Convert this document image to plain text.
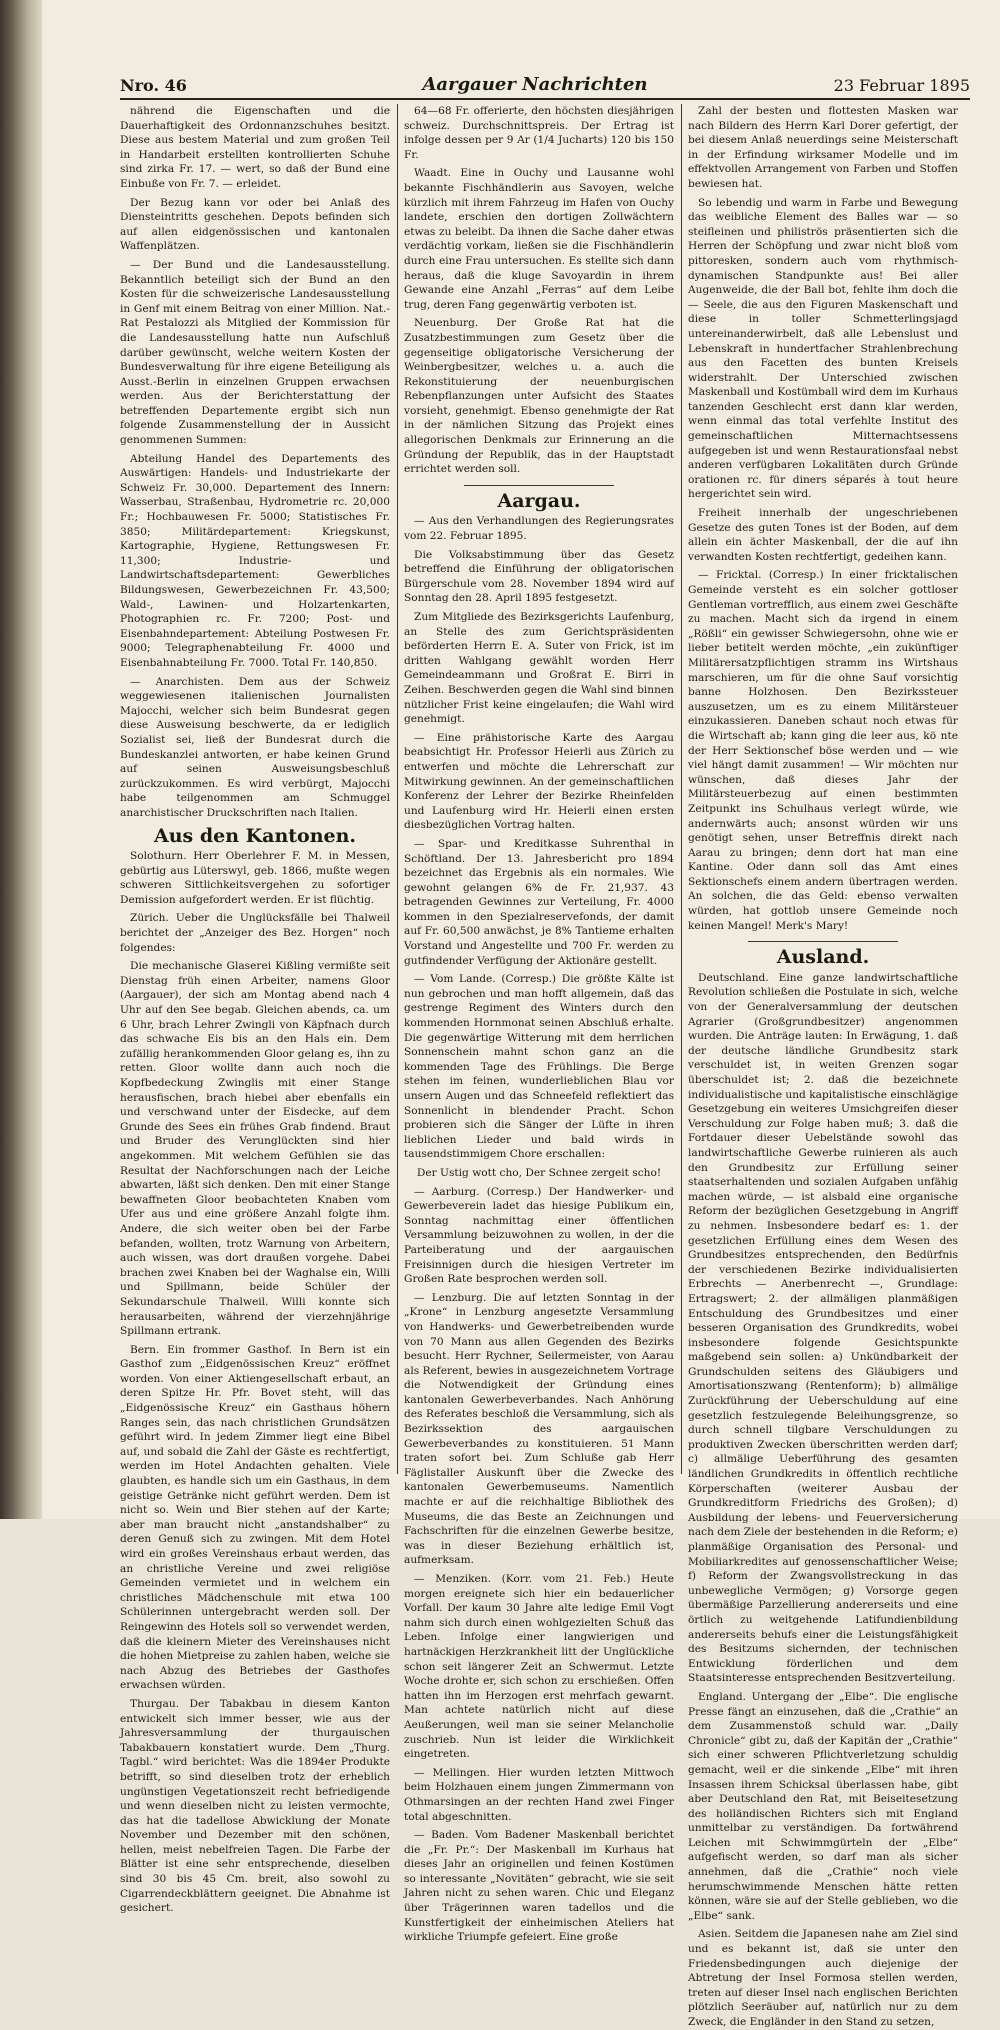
Nro. 46	Aargauer Nachrichten	23 Februar 1895

nährend die Eigenschaften und die Dauerhaftigkeit des Ordonnanzschuhes besitzt. Diese aus bestem Material und zum großen Teil in Handarbeit erstellten kontrollierten Schuhe sind zirka Fr. 17. — wert, so daß der Bund eine Einbuße von Fr. 7. — erleidet.

Der Bezug kann vor oder bei Anlaß des Diensteintritts geschehen. Depots befinden sich auf allen eidgenössischen und kantonalen Waffenplätzen.

— Der Bund und die Landesausstellung. Bekanntlich beteiligt sich der Bund an den Kosten für die schweizerische Landesausstellung in Genf mit einem Beitrag von einer Million. Nat.-Rat Pestalozzi als Mitglied der Kommission für die Landesausstellung hatte nun Aufschluß darüber gewünscht, welche weitern Kosten der Bundesverwaltung für ihre eigene Beteiligung als Ausst.-Berlin in einzelnen Gruppen erwachsen werden. Aus der Berichterstattung der betreffenden Departemente ergibt sich nun folgende Zusammenstellung der in Aussicht genommenen Summen:

Abteilung Handel des Departements des Auswärtigen: Handels- und Industriekarte der Schweiz Fr. 30,000. Departement des Innern: Wasserbau, Straßenbau, Hydrometrie rc. 20,000 Fr.; Hochbauwesen Fr. 5000; Statistisches Fr. 3850; Militärdepartement: Kriegskunst, Kartographie, Hygiene, Rettungswesen Fr. 11,300; Industrie- und Landwirtschaftsdepartement: Gewerbliches Bildungswesen, Gewerbezeichnen Fr. 43,500; Wald-, Lawinen- und Holzartenkarten, Photographien rc. Fr. 7200; Post- und Eisenbahndepartement: Abteilung Postwesen Fr. 9000; Telegraphenabteilung Fr. 4000 und Eisenbahnabteilung Fr. 7000. Total Fr. 140,850.

— Anarchisten. Dem aus der Schweiz weggewiesenen italienischen Journalisten Majocchi, welcher sich beim Bundesrat gegen diese Ausweisung beschwerte, da er lediglich Sozialist sei, ließ der Bundesrat durch die Bundeskanzlei antworten, er habe keinen Grund auf seinen Ausweisungsbeschluß zurückzukommen. Es wird verbürgt, Majocchi habe teilgenommen am Schmuggel anarchistischer Druckschriften nach Italien.

Aus den Kantonen.

Solothurn. Herr Oberlehrer F. M. in Messen, gebürtig aus Lüterswyl, geb. 1866, mußte wegen schweren Sittlichkeitsvergehen zu sofortiger Demission aufgefordert werden. Er ist flüchtig.

Zürich. Ueber die Unglücksfälle bei Thalweil berichtet der „Anzeiger des Bez. Horgen“ noch folgendes:

Die mechanische Glaserei Kißling vermißte seit Dienstag früh einen Arbeiter, namens Gloor (Aargauer), der sich am Montag abend nach 4 Uhr auf den See begab. Gleichen abends, ca. um 6 Uhr, brach Lehrer Zwingli von Käpfnach durch das schwache Eis bis an den Hals ein. Dem zufällig herankommenden Gloor gelang es, ihn zu retten. Gloor wollte dann auch noch die Kopfbedeckung Zwinglis mit einer Stange herausfischen, brach hiebei aber ebenfalls ein und verschwand unter der Eisdecke, auf dem Grunde des Sees ein frühes Grab findend. Braut und Bruder des Verunglückten sind hier angekommen. Mit welchem Gefühlen sie das Resultat der Nachforschungen nach der Leiche abwarten, läßt sich denken. Den mit einer Stange bewaffneten Gloor beobachteten Knaben vom Ufer aus und eine größere Anzahl folgte ihm. Andere, die sich weiter oben bei der Farbe befanden, wollten, trotz Warnung von Arbeitern, auch wissen, was dort draußen vorgehe. Dabei brachen zwei Knaben bei der Waghalse ein, Willi und Spillmann, beide Schüler der Sekundarschule Thalweil. Willi konnte sich herausarbeiten, während der vierzehnjährige Spillmann ertrank.

Bern. Ein frommer Gasthof. In Bern ist ein Gasthof zum „Eidgenössischen Kreuz“ eröffnet worden. Von einer Aktiengesellschaft erbaut, an deren Spitze Hr. Pfr. Bovet steht, will das „Eidgenössische Kreuz“ ein Gasthaus höhern Ranges sein, das nach christlichen Grundsätzen geführt wird. In jedem Zimmer liegt eine Bibel auf, und sobald die Zahl der Gäste es rechtfertigt, werden im Hotel Andachten gehalten. Viele glaubten, es handle sich um ein Gasthaus, in dem geistige Getränke nicht geführt werden. Dem ist nicht so. Wein und Bier stehen auf der Karte; aber man braucht nicht „anstandshalber“ zu deren Genuß sich zu zwingen. Mit dem Hotel wird ein großes Vereinshaus erbaut werden, das an christliche Vereine und zwei religiöse Gemeinden vermietet und in welchem ein christliches Mädchenschule mit etwa 100 Schülerinnen untergebracht werden soll. Der Reingewinn des Hotels soll so verwendet werden, daß die kleinern Mieter des Vereinshauses nicht die hohen Mietpreise zu zahlen haben, welche sie nach Abzug des Betriebes der Gasthofes erwachsen würden.

Thurgau. Der Tabakbau in diesem Kanton entwickelt sich immer besser, wie aus der Jahresversammlung der thurgauischen Tabakbauern konstatiert wurde. Dem „Thurg. Tagbl.“ wird berichtet: Was die 1894er Produkte betrifft, so sind dieselben trotz der erheblich ungünstigen Vegetationszeit recht befriedigende und wenn dieselben nicht zu leisten vermochte, das hat die tadellose Abwicklung der Monate November und Dezember mit den schönen, hellen, meist nebelfreien Tagen. Die Farbe der Blätter ist eine sehr entsprechende, dieselben sind 30 bis 45 Cm. breit, also sowohl zu Cigarrendeckblättern geeignet. Die Abnahme ist gesichert.

64—68 Fr. offerierte, den höchsten diesjährigen schweiz. Durchschnittspreis. Der Ertrag ist infolge dessen per 9 Ar (1/4 Jucharts) 120 bis 150 Fr.

Waadt. Eine in Ouchy und Lausanne wohl bekannte Fischhändlerin aus Savoyen, welche kürzlich mit ihrem Fahrzeug im Hafen von Ouchy landete, erschien den dortigen Zollwächtern etwas zu beleibt. Da ihnen die Sache daher etwas verdächtig vorkam, ließen sie die Fischhändlerin durch eine Frau untersuchen. Es stellte sich dann heraus, daß die kluge Savoyardin in ihrem Gewande eine Anzahl „Ferras“ auf dem Leibe trug, deren Fang gegenwärtig verboten ist.

Neuenburg. Der Große Rat hat die Zusatzbestimmungen zum Gesetz über die gegenseitige obligatorische Versicherung der Weinbergbesitzer, welches u. a. auch die Rekonstituierung der neuenburgischen Rebenpflanzungen unter Aufsicht des Staates vorsieht, genehmigt. Ebenso genehmigte der Rat in der nämlichen Sitzung das Projekt eines allegorischen Denkmals zur Erinnerung an die Gründung der Republik, das in der Hauptstadt errichtet werden soll.

Aargau.

— Aus den Verhandlungen des Regierungsrates vom 22. Februar 1895.

Die Volksabstimmung über das Gesetz betreffend die Einführung der obligatorischen Bürgerschule vom 28. November 1894 wird auf Sonntag den 28. April 1895 festgesetzt.

Zum Mitgliede des Bezirksgerichts Laufenburg, an Stelle des zum Gerichtspräsidenten beförderten Herrn E. A. Suter von Frick, ist im dritten Wahlgang gewählt worden Herr Gemeindeammann und Großrat E. Birri in Zeihen. Beschwerden gegen die Wahl sind binnen nützlicher Frist keine eingelaufen; die Wahl wird genehmigt.

— Eine prähistorische Karte des Aargau beabsichtigt Hr. Professor Heierli aus Zürich zu entwerfen und möchte die Lehrerschaft zur Mitwirkung gewinnen. An der gemeinschaftlichen Konferenz der Lehrer der Bezirke Rheinfelden und Laufenburg wird Hr. Heierli einen ersten diesbezüglichen Vortrag halten.

— Spar- und Kreditkasse Suhrenthal in Schöftland. Der 13. Jahresbericht pro 1894 bezeichnet das Ergebnis als ein normales. Wie gewohnt gelangen 6% de Fr. 21,937. 43 betragenden Gewinnes zur Verteilung, Fr. 4000 kommen in den Spezialreservefonds, der damit auf Fr. 60,500 anwächst, je 8% Tantieme erhalten Vorstand und Angestellte und 700 Fr. werden zu gutfindender Verfügung der Aktionäre gestellt.

— Vom Lande. (Corresp.) Die größte Kälte ist nun gebrochen und man hofft allgemein, daß das gestrenge Regiment des Winters durch den kommenden Hornmonat seinen Abschluß erhalte. Die gegenwärtige Witterung mit dem herrlichen Sonnenschein mahnt schon ganz an die kommenden Tage des Frühlings. Die Berge stehen im feinen, wunderlieblichen Blau vor unsern Augen und das Schneefeld reflektiert das Sonnenlicht in blendender Pracht. Schon probieren sich die Sänger der Lüfte in ihren lieblichen Lieder und bald wirds in tausendstimmigem Chore erschallen:

Der Ustig wott cho, Der Schnee zergeit scho!

— Aarburg. (Corresp.) Der Handwerker- und Gewerbeverein ladet das hiesige Publikum ein, Sonntag nachmittag einer öffentlichen Versammlung beizuwohnen zu wollen, in der die Parteiberatung und der aargauischen Freisinnigen durch die hiesigen Vertreter im Großen Rate besprochen werden soll.

— Lenzburg. Die auf letzten Sonntag in der „Krone“ in Lenzburg angesetzte Versammlung von Handwerks- und Gewerbetreibenden wurde von 70 Mann aus allen Gegenden des Bezirks besucht. Herr Rychner, Seilermeister, von Aarau als Referent, bewies in ausgezeichnetem Vortrage die Notwendigkeit der Gründung eines kantonalen Gewerbeverbandes. Nach Anhörung des Referates beschloß die Versammlung, sich als Bezirkssektion des aargauischen Gewerbeverbandes zu konstituieren. 51 Mann traten sofort bei. Zum Schluße gab Herr Fäglistaller Auskunft über die Zwecke des kantonalen Gewerbemuseums. Namentlich machte er auf die reichhaltige Bibliothek des Museums, die das Beste an Zeichnungen und Fachschriften für die einzelnen Gewerbe besitze, was in dieser Beziehung erhältlich ist, aufmerksam.

— Menziken. (Korr. vom 21. Feb.) Heute morgen ereignete sich hier ein bedauerlicher Vorfall. Der kaum 30 Jahre alte ledige Emil Vogt nahm sich durch einen wohlgezielten Schuß das Leben. Infolge einer langwierigen und hartnäckigen Herzkrankheit litt der Unglückliche schon seit längerer Zeit an Schwermut. Letzte Woche drohte er, sich schon zu erschießen. Offen hatten ihn im Herzogen erst mehrfach gewarnt. Man achtete natürlich nicht auf diese Aeußerungen, weil man sie seiner Melancholie zuschrieb. Nun ist leider die Wirklichkeit eingetreten.

— Mellingen. Hier wurden letzten Mittwoch beim Holzhauen einem jungen Zimmermann von Othmarsingen an der rechten Hand zwei Finger total abgeschnitten.

— Baden. Vom Badener Maskenball berichtet die „Fr. Pr.“: Der Maskenball im Kurhaus hat dieses Jahr an originellen und feinen Kostümen so interessante „Novitäten“ gebracht, wie sie seit Jahren nicht zu sehen waren. Chic und Eleganz über Trägerinnen waren tadellos und die Kunstfertigkeit der einheimischen Ateliers hat wirkliche Triumpfe gefeiert. Eine große

Zahl der besten und flottesten Masken war nach Bildern des Herrn Karl Dorer gefertigt, der bei diesem Anlaß neuerdings seine Meisterschaft in der Erfindung wirksamer Modelle und im effektvollen Arrangement von Farben und Stoffen bewiesen hat.

So lebendig und warm in Farbe und Bewegung das weibliche Element des Balles war — so steifleinen und philiströs präsentierten sich die Herren der Schöpfung und zwar nicht bloß vom pittoresken, sondern auch vom rhythmisch-dynamischen Standpunkte aus! Bei aller Augenweide, die der Ball bot, fehlte ihm doch die — Seele, die aus den Figuren Maskenschaft und diese in toller Schmetterlingsjagd untereinanderwirbelt, daß alle Lebenslust und Lebenskraft in hundertfacher Strahlenbrechung aus den Facetten des bunten Kreisels widerstrahlt. Der Unterschied zwischen Maskenball und Kostümball wird dem im Kurhaus tanzenden Geschlecht erst dann klar werden, wenn einmal das total verfehlte Institut des gemeinschaftlichen Mitternachtsessens aufgegeben ist und wenn Restaurationsfaal nebst anderen verfügbaren Lokalitäten durch Gründe orationen rc. für diners séparés à tout heure hergerichtet sein wird.

Freiheit innerhalb der ungeschriebenen Gesetze des guten Tones ist der Boden, auf dem allein ein ächter Maskenball, der die auf ihn verwandten Kosten rechtfertigt, gedeihen kann.

— Fricktal. (Corresp.) In einer fricktalischen Gemeinde versteht es ein solcher gottloser Gentleman vortrefflich, aus einem zwei Geschäfte zu machen. Macht sich da irgend in einem „Rößli“ ein gewisser Schwiegersohn, ohne wie er lieber betitelt werden möchte, „ein zukünftiger Militärersatzpflichtigen stramm ins Wirtshaus marschieren, um für die ohne Sauf vorsichtig banne Holzhosen. Den Bezirkssteuer auszusetzen, um es zu einem Militärsteuer einzukassieren. Daneben schaut noch etwas für die Wirtschaft ab; kann ging die leer aus, kö nte der Herr Sektionschef böse werden und — wie viel hängt damit zusammen! — Wir möchten nur wünschen, daß dieses Jahr der Militärsteuerbezug auf einen bestimmten Zeitpunkt ins Schulhaus verlegt würde, wie andernwärts auch; ansonst würden wir uns genötigt sehen, unser Betreffnis direkt nach Aarau zu bringen; denn dort hat man eine Kantine. Oder dann soll das Amt eines Sektionschefs einem andern übertragen werden. An solchen, die das Geld: ebenso verwalten würden, hat gottlob unsere Gemeinde noch keinen Mangel! Merk's Mary!

Ausland.

Deutschland. Eine ganze landwirtschaftliche Revolution schließen die Postulate in sich, welche von der Generalversammlung der deutschen Agrarier (Großgrundbesitzer) angenommen wurden. Die Anträge lauten: In Erwägung, 1. daß der deutsche ländliche Grundbesitz stark verschuldet ist, in weiten Grenzen sogar überschuldet ist; 2. daß die bezeichnete individualistische und kapitalistische einschlägige Gesetzgebung ein weiteres Umsichgreifen dieser Verschuldung zur Folge haben muß; 3. daß die Fortdauer dieser Uebelstände sowohl das landwirtschaftliche Gewerbe ruinieren als auch den Grundbesitz zur Erfüllung seiner staatserhaltenden und sozialen Aufgaben unfähig machen würde, — ist alsbald eine organische Reform der bezüglichen Gesetzgebung in Angriff zu nehmen. Insbesondere bedarf es: 1. der gesetzlichen Erfüllung eines dem Wesen des Grundbesitzes entsprechenden, den Bedürfnis der verschiedenen Bezirke individualisierten Erbrechts — Anerbenrecht —, Grundlage: Ertragswert; 2. der allmäligen planmäßigen Entschuldung des Grundbesitzes und einer besseren Organisation des Grundkredits, wobei insbesondere folgende Gesichtspunkte maßgebend sein sollen: a) Unkündbarkeit der Grundschulden seitens des Gläubigers und Amortisationszwang (Rentenform); b) allmälige Zurückführung der Ueberschuldung auf eine gesetzlich festzulegende Beleihungsgrenze, so durch schnell tilgbare Verschuldungen zu produktiven Zwecken überschritten werden darf; c) allmälige Ueberführung des gesamten ländlichen Grundkredits in öffentlich rechtliche Körperschaften (weiterer Ausbau der Grundkreditform Friedrichs des Großen); d) Ausbildung der lebens- und Feuerversicherung nach dem Ziele der bestehenden in die Reform; e) planmäßige Organisation des Personal- und Mobiliarkredites auf genossenschaftlicher Weise; f) Reform der Zwangsvollstreckung in das unbewegliche Vermögen; g) Vorsorge gegen übermäßige Parzellierung andererseits und eine örtlich zu weitgehende Latifundienbildung andererseits behufs einer die Leistungsfähigkeit des Besitzums sichernden, der technischen Entwicklung förderlichen und dem Staatsinteresse entsprechenden Besitzverteilung.

England. Untergang der „Elbe“. Die englische Presse fängt an einzusehen, daß die „Crathie“ an dem Zusammenstoß schuld war. „Daily Chronicle“ gibt zu, daß der Kapitän der „Crathie“ sich einer schweren Pflichtverletzung schuldig gemacht, weil er die sinkende „Elbe“ mit ihren Insassen ihrem Schicksal überlassen habe, gibt aber Deutschland den Rat, mit Beiseitesetzung des holländischen Richters sich mit England unmittelbar zu verständigen. Da fortwährend Leichen mit Schwimmgürteln der „Elbe“ aufgefischt werden, so darf man als sicher annehmen, daß die „Crathie“ noch viele herumschwimmende Menschen hätte retten können, wäre sie auf der Stelle geblieben, wo die „Elbe“ sank.

Asien. Seitdem die Japanesen nahe am Ziel sind und es bekannt ist, daß sie unter den Friedensbedingungen auch diejenige der Abtretung der Insel Formosa stellen werden, treten auf dieser Insel nach englischen Berichten plötzlich Seeräuber auf, natürlich nur zu dem Zweck, die Engländer in den Stand zu setzen,
